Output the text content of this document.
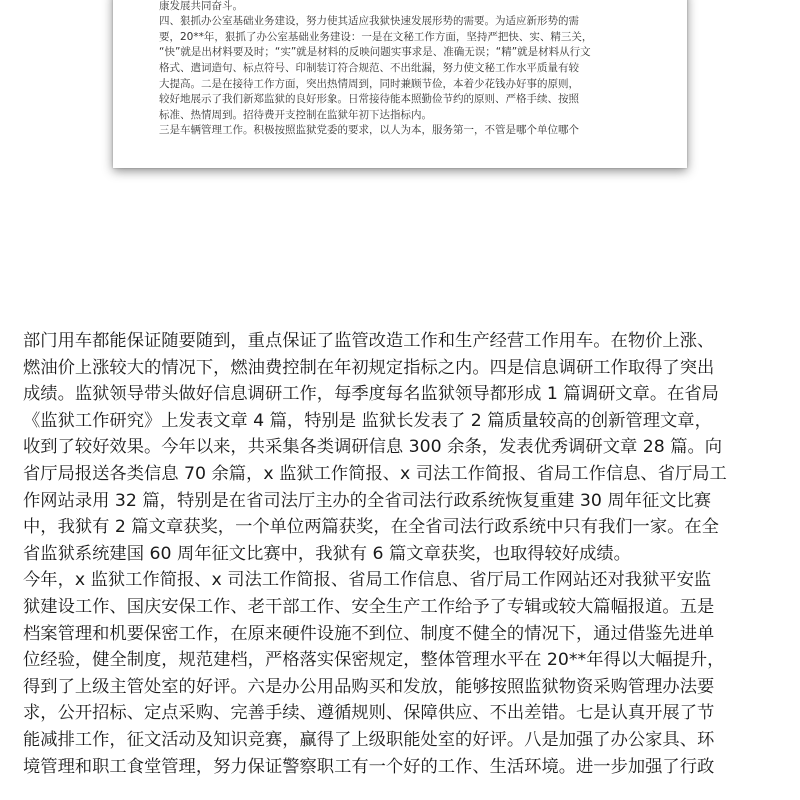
康发展共同奋斗。

四、狠抓办公室基础业务建设，努力使其适应我狱快速发展形势的需要。为适应新形势的需

要，20**年，狠抓了办公室基础业务建设：一是在文秘工作方面，坚持严把快、实、精三关，

“快”就是出材料要及时；“实”就是材料的反映问题实事求是、准确无误；“精”就是材料从行文

格式、遣词造句、标点符号、印制装订符合规范、不出纰漏，努力使文秘工作水平质量有较

大提高。二是在接待工作方面，突出热情周到，同时兼顾节俭，本着少花钱办好事的原则，

较好地展示了我们新郑监狱的良好形象。日常接待能本照勤俭节约的原则、严格手续、按照

标准、热情周到。招待费开支控制在监狱年初下达指标内。

三是车辆管理工作。积极按照监狱党委的要求，以人为本，服务第一，不管是哪个单位哪个

部门用车都能保证随要随到，重点保证了监管改造工作和生产经营工作用车。在物价上涨、

燃油价上涨较大的情况下，燃油费控制在年初规定指标之内。四是信息调研工作取得了突出

成绩。监狱领导带头做好信息调研工作，每季度每名监狱领导都形成 1 篇调研文章。在省局

《监狱工作研究》上发表文章 4 篇，特别是 监狱长发表了 2 篇质量较高的创新管理文章，

收到了较好效果。今年以来，共采集各类调研信息 300 余条，发表优秀调研文章 28 篇。向

省厅局报送各类信息 70 余篇，x 监狱工作简报、x 司法工作简报、省局工作信息、省厅局工

作网站录用 32 篇，特别是在省司法厅主办的全省司法行政系统恢复重建 30 周年征文比赛

中，我狱有 2 篇文章获奖，一个单位两篇获奖，在全省司法行政系统中只有我们一家。在全

省监狱系统建国 60 周年征文比赛中，我狱有 6 篇文章获奖，也取得较好成绩。

今年，x 监狱工作简报、x 司法工作简报、省局工作信息、省厅局工作网站还对我狱平安监

狱建设工作、国庆安保工作、老干部工作、安全生产工作给予了专辑或较大篇幅报道。五是

档案管理和机要保密工作，在原来硬件设施不到位、制度不健全的情况下，通过借鉴先进单

位经验，健全制度，规范建档，严格落实保密规定，整体管理水平在 20**年得以大幅提升，

得到了上级主管处室的好评。六是办公用品购买和发放，能够按照监狱物资采购管理办法要

求，公开招标、定点采购、完善手续、遵循规则、保障供应、不出差错。七是认真开展了节

能减排工作，征文活动及知识竞赛，赢得了上级职能处室的好评。八是加强了办公家具、环

境管理和职工食堂管理，努力保证警察职工有一个好的工作、生活环境。进一步加强了行政
